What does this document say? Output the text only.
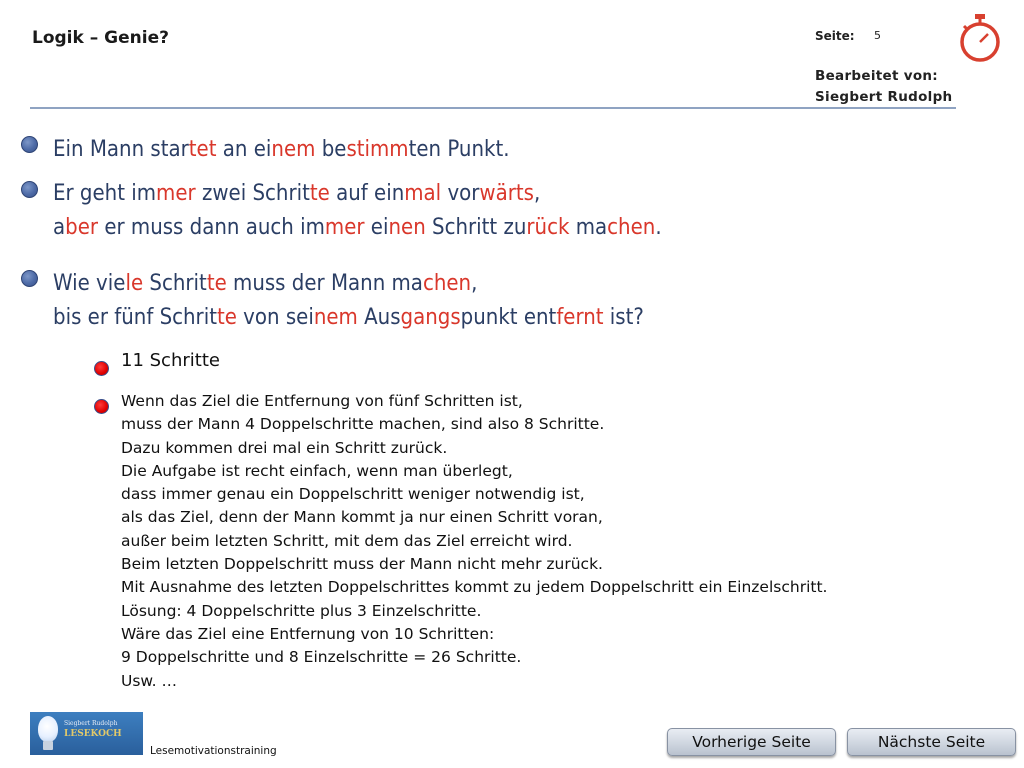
Logik – Genie?	Seite: 5
Bearbeitet von:
Siegbert Rudolph
Ein Mann startet an einem bestimmten Punkt.
Er geht immer zwei Schritte auf einmal vorwärts,
aber er muss dann auch immer einen Schritt zurück machen.
Wie viele Schritte muss der Mann machen,
bis er fünf Schritte von seinem Ausgangspunkt entfernt ist?
11 Schritte
Wenn das Ziel die Entfernung von fünf Schritten ist,
muss der Mann 4 Doppelschritte machen, sind also 8 Schritte.
Dazu kommen drei mal ein Schritt zurück.
Die Aufgabe ist recht einfach, wenn man überlegt,
dass immer genau ein Doppelschritt weniger notwendig ist,
als das Ziel, denn der Mann kommt ja nur einen Schritt voran,
außer beim letzten Schritt, mit dem das Ziel erreicht wird.
Beim letzten Doppelschritt muss der Mann nicht mehr zurück.
Mit Ausnahme des letzten Doppelschrittes kommt zu jedem Doppelschritt ein Einzelschritt.
Lösung: 4 Doppelschritte plus 3 Einzelschritte.
Wäre das Ziel eine Entfernung von 10 Schritten:
9 Doppelschritte und 8 Einzelschritte = 26 Schritte.
Usw. …
Siegbert Rudolph
LESEKOCH
Lesemotivationstraining	Vorherige Seite	Nächste Seite
